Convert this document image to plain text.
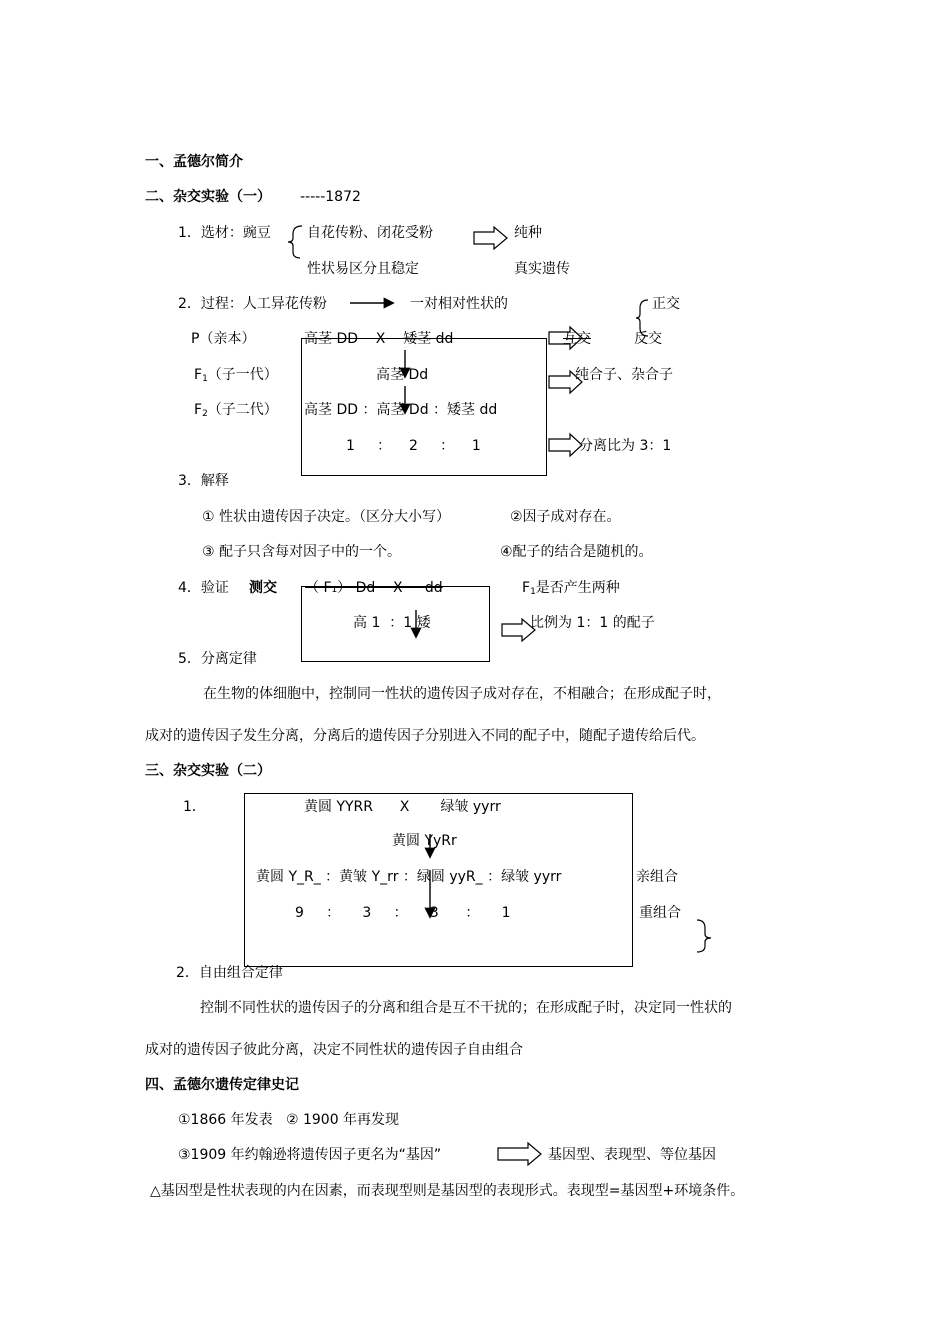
一、孟德尔简介
二、杂交实验（一） -----1872
1．选材：豌豆	自花传粉、闭花受粉	纯种
性状易区分且稳定	真实遗传
2．过程：人工异花传粉	一对相对性状的	正交
P（亲本）	高茎 DD    X    矮茎 dd	互交	反交
$F_1$（子一代）	高茎 Dd	纯合子、杂合子
$F_2$（子二代） 高茎 DD ：高茎 Dd ：矮茎 dd
1     ：    2     ：    1	分离比为 3：1
3．解释
① 性状由遗传因子决定。（区分大小写）	②因子成对存在。
③ 配子只含每对因子中的一个。	④配子的结合是随机的。
4．验证 测交 （ F₁） Dd    X     dd	$F_1$是否产生两种
高 1  ：1 矮	比例为 1：1 的配子
5．分离定律
在生物的体细胞中，控制同一性状的遗传因子成对存在，不相融合；在形成配子时，
成对的遗传因子发生分离，分离后的遗传因子分别进入不同的配子中，随配子遗传给后代。
三、杂交实验（二）
1．	黄圆 YYRR      X       绿皱 yyrr
黄圆 YyRr
黄圆 Y_R_ ：黄皱 Y_rr ：绿圆 yyR_ ：绿皱 yyrr	亲组合
9     ：     3     ：     3      ：     1	重组合
2．自由组合定律
控制不同性状的遗传因子的分离和组合是互不干扰的；在形成配子时，决定同一性状的
成对的遗传因子彼此分离，决定不同性状的遗传因子自由组合
四、孟德尔遗传定律史记
①1866 年发表   ② 1900 年再发现
③1909 年约翰逊将遗传因子更名为“基因”	基因型、表现型、等位基因
△基因型是性状表现的内在因素，而表现型则是基因型的表现形式。表现型=基因型+环境条件。
